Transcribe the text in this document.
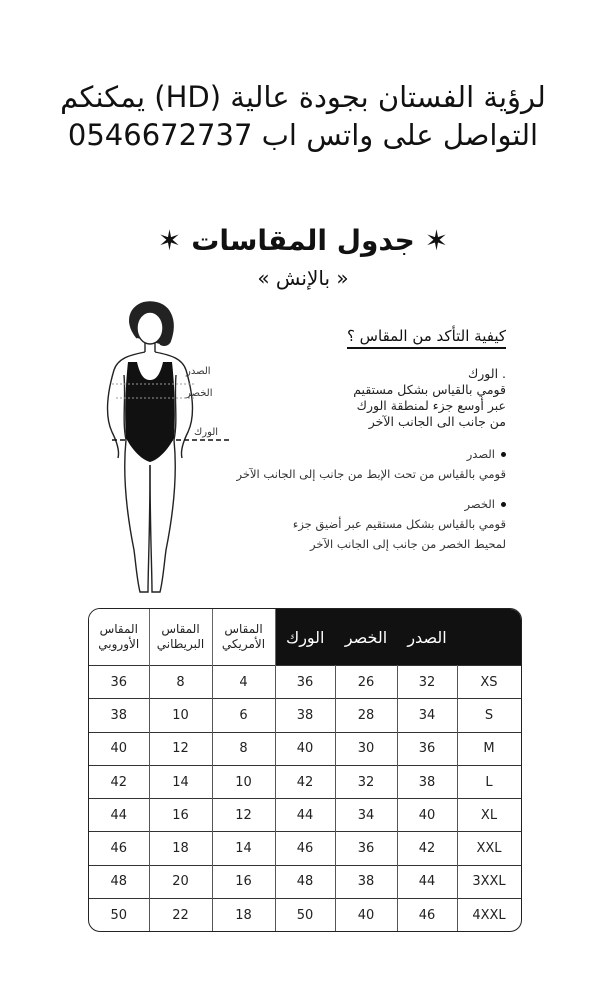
لرؤية الفستان بجودة عالية (HD) يمكنكم
التواصل على واتس اب 0546672737
✶ جدول المقاسات ✶
« بالإنش »
الصدر
الخصر
الورك
كيفية التأكد من المقاس ؟
. الورك
قومي بالقياس بشكل مستقيم
عبر أوسع جزء لمنطقة الورك
من جانب الى الجانب الآخر
الصدر
قومي بالقياس من تحت الإبط من جانب إلى الجانب الآخر
الخصر
قومي بالقياس بشكل مستقيم عبر أضيق جزء
لمحيط الخصر من جانب إلى الجانب الآخر
المقاس الأوروبي	المقاس البريطاني	المقاس الأمريكي	الورك	الخصر	الصدر	
36	8	4	36	26	32	XS
38	10	6	38	28	34	S
40	12	8	40	30	36	M
42	14	10	42	32	38	L
44	16	12	44	34	40	XL
46	18	14	46	36	42	XXL
48	20	16	48	38	44	3XXL
50	22	18	50	40	46	4XXL
